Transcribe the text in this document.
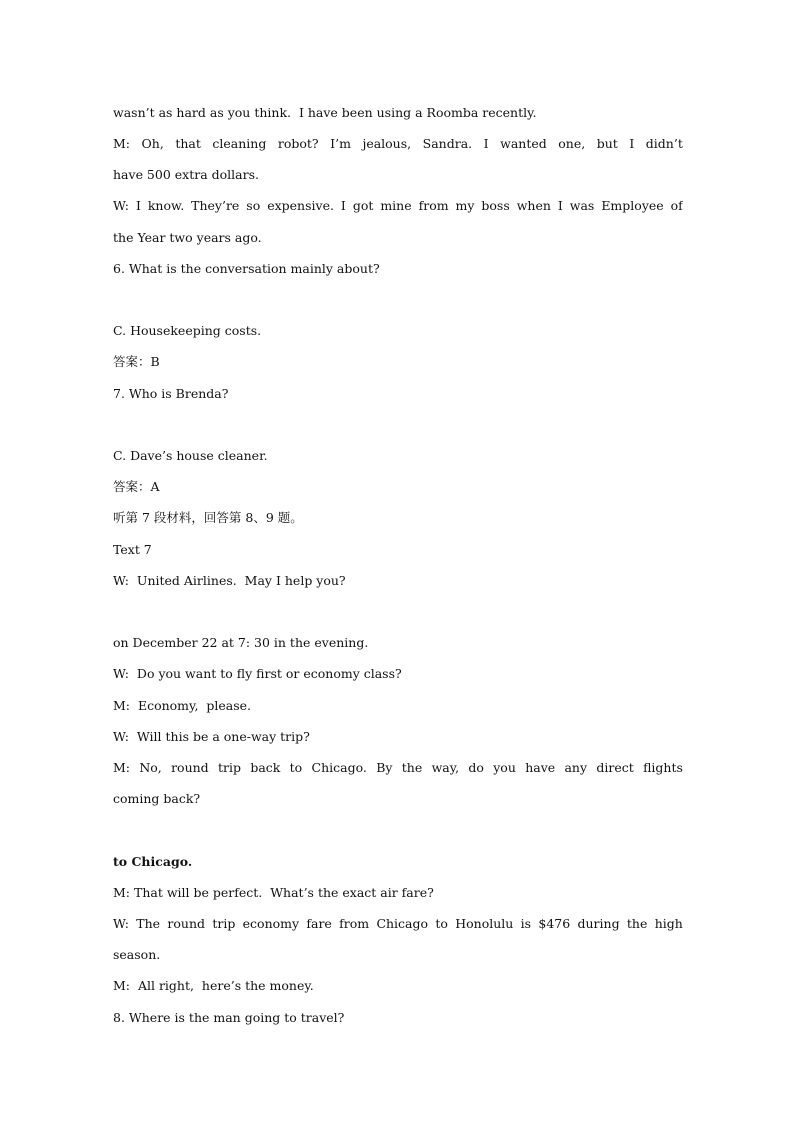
wasn’t as hard as you think.  I have been using a Roomba recently.
M: Oh, that cleaning robot? I’m jealous, Sandra. I wanted one, but I didn’t
have 500 extra dollars.
W: I know. They’re so expensive. I got mine from my boss when I was Employee of
the Year two years ago.
6. What is the conversation mainly about?

C. Housekeeping costs.
答案：B
7. Who is Brenda?

C. Dave’s house cleaner.
答案：A
听第 7 段材料，回答第 8、9 题。
Text 7
W:  United Airlines.  May I help you?

on December 22 at 7: 30 in the evening.
W:  Do you want to fly first or economy class?
M:  Economy,  please.
W:  Will this be a one-way trip?
M: No, round trip back to Chicago. By the way, do you have any direct flights
coming back?

to Chicago.
M: That will be perfect.  What’s the exact air fare?
W: The round trip economy fare from Chicago to Honolulu is $476 during the high
season.
M:  All right,  here’s the money.
8. Where is the man going to travel?
